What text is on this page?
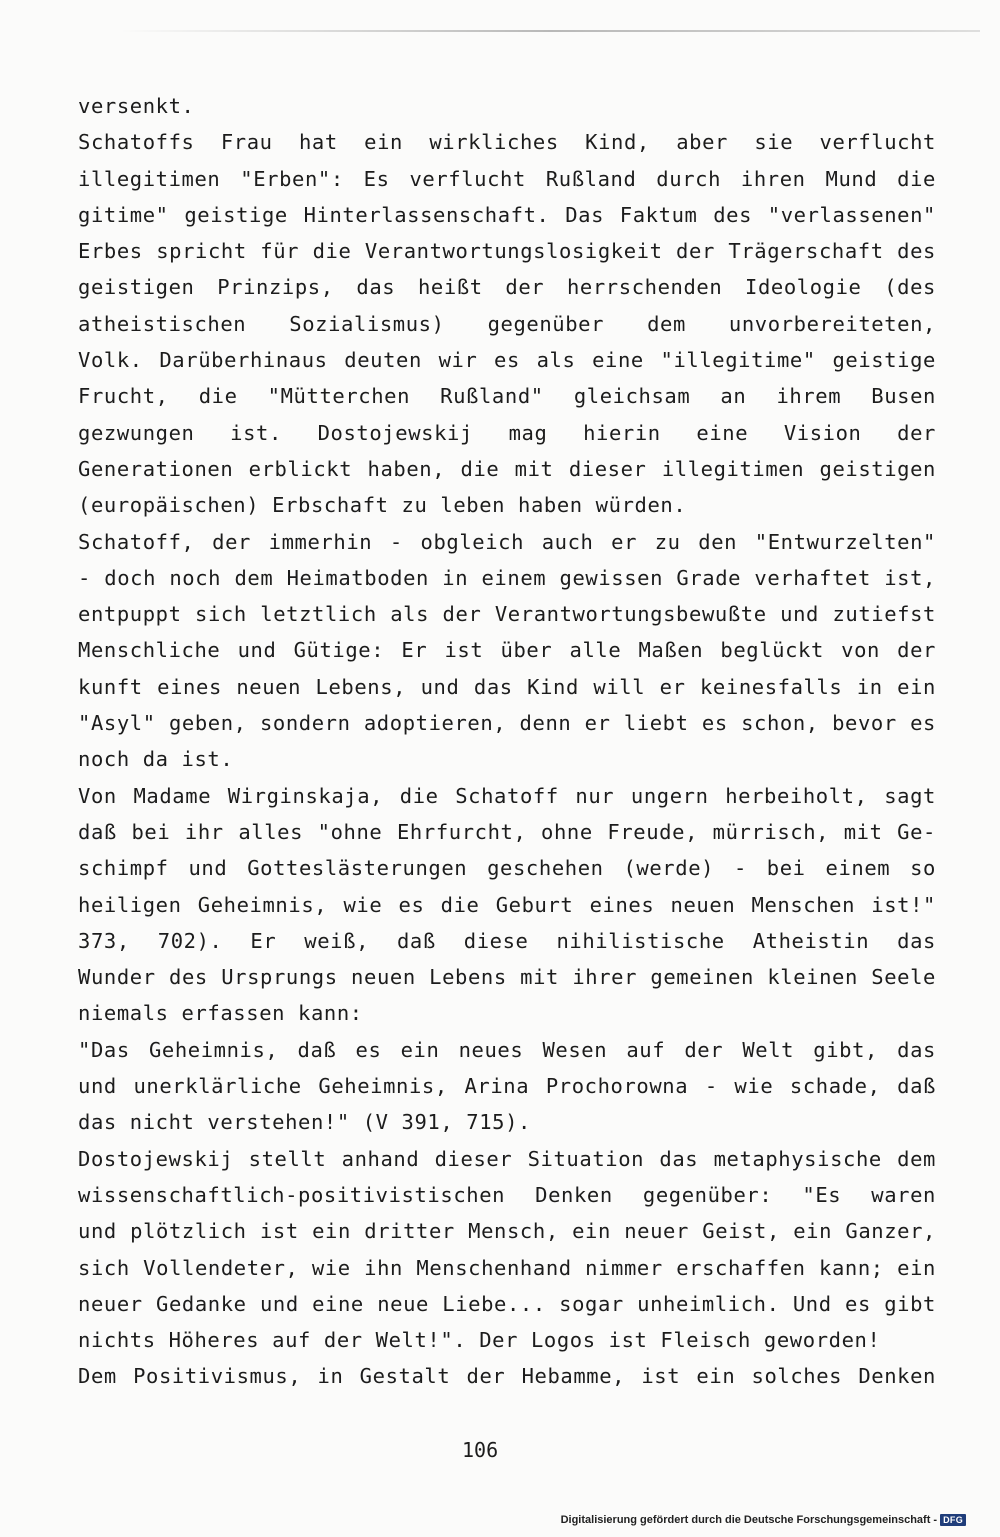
versenkt.
Schatoffs Frau hat ein wirkliches Kind, aber sie verflucht
illegitimen "Erben": Es verflucht Rußland durch ihren Mund die
gitime" geistige Hinterlassenschaft. Das Faktum des "verlassenen"
Erbes spricht für die Verantwortungslosigkeit der Trägerschaft des
geistigen Prinzips, das heißt der herrschenden Ideologie (des
atheistischen Sozialismus) gegenüber dem unvorbereiteten,
Volk. Darüberhinaus deuten wir es als eine "illegitime" geistige
Frucht, die "Mütterchen Rußland" gleichsam an ihrem Busen
gezwungen ist. Dostojewskij mag hierin eine Vision der
Generationen erblickt haben, die mit dieser illegitimen geistigen
(europäischen) Erbschaft zu leben haben würden.
Schatoff, der immerhin - obgleich auch er zu den "Entwurzelten"
- doch noch dem Heimatboden in einem gewissen Grade verhaftet ist,
entpuppt sich letztlich als der Verantwortungsbewußte und zutiefst
Menschliche und Gütige: Er ist über alle Maßen beglückt von der
kunft eines neuen Lebens, und das Kind will er keinesfalls in ein
"Asyl" geben, sondern adoptieren, denn er liebt es schon, bevor es
noch da ist.
Von Madame Wirginskaja, die Schatoff nur ungern herbeiholt, sagt
daß bei ihr alles "ohne Ehrfurcht, ohne Freude, mürrisch, mit Ge-
schimpf und Gotteslästerungen geschehen (werde) - bei einem so
heiligen Geheimnis, wie es die Geburt eines neuen Menschen ist!"
373, 702). Er weiß, daß diese nihilistische Atheistin das
Wunder des Ursprungs neuen Lebens mit ihrer gemeinen kleinen Seele
niemals erfassen kann:
"Das Geheimnis, daß es ein neues Wesen auf der Welt gibt, das
und unerklärliche Geheimnis, Arina Prochorowna - wie schade, daß
das nicht verstehen!" (V 391, 715).
Dostojewskij stellt anhand dieser Situation das metaphysische dem
wissenschaftlich-positivistischen Denken gegenüber: "Es waren
und plötzlich ist ein dritter Mensch, ein neuer Geist, ein Ganzer,
sich Vollendeter, wie ihn Menschenhand nimmer erschaffen kann; ein
neuer Gedanke und eine neue Liebe... sogar unheimlich. Und es gibt
nichts Höheres auf der Welt!". Der Logos ist Fleisch geworden!
Dem Positivismus, in Gestalt der Hebamme, ist ein solches Denken
106
Digitalisierung gefördert durch die Deutsche Forschungsgemeinschaft - DFG
